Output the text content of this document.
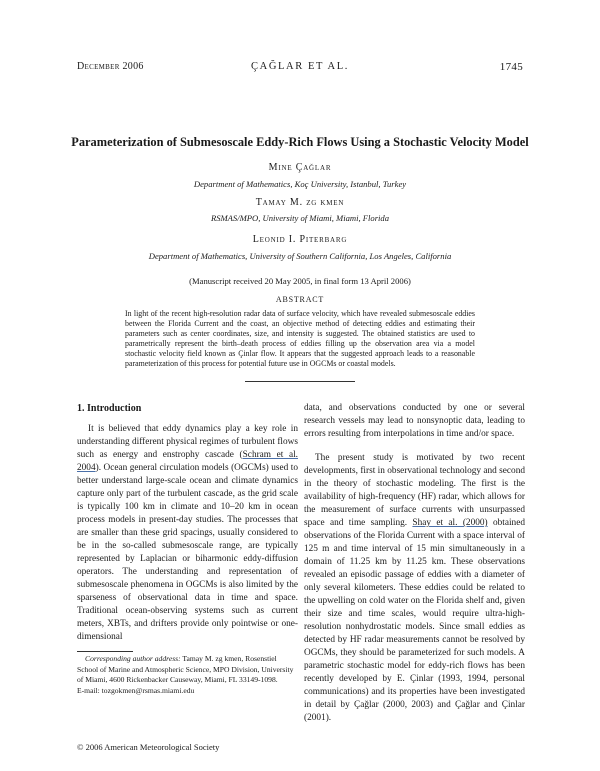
December 2006	ÇAĞLAR ET AL.	1745
Parameterization of Submesoscale Eddy-Rich Flows Using a Stochastic Velocity Model
Mine Çağlar
Department of Mathematics, Koç University, Istanbul, Turkey
Tamay M. zg kmen
RSMAS/MPO, University of Miami, Miami, Florida
Leonid I. Piterbarg
Department of Mathematics, University of Southern California, Los Angeles, California
(Manuscript received 20 May 2005, in final form 13 April 2006)
ABSTRACT
In light of the recent high-resolution radar data of surface velocity, which have revealed submesoscale eddies between the Florida Current and the coast, an objective method of detecting eddies and estimating their parameters such as center coordinates, size, and intensity is suggested. The obtained statistics are used to parametrically represent the birth–death process of eddies filling up the observation area via a model stochastic velocity field known as Çinlar flow. It appears that the suggested approach leads to a reasonable parameterization of this process for potential future use in OGCMs or coastal models.
1. Introduction

It is believed that eddy dynamics play a key role in understanding different physical regimes of turbulent flows such as energy and enstrophy cascade (Schram et al. 2004). Ocean general circulation models (OGCMs) used to better understand large-scale ocean and climate dynamics capture only part of the turbulent cascade, as the grid scale is typically 100 km in climate and 10–20 km in ocean process models in present-day studies. The processes that are smaller than these grid spacings, usually considered to be in the so-called submesoscale range, are typically represented by Laplacian or biharmonic eddy-diffusion operators. The understanding and representation of submesoscale phenomena in OGCMs is also limited by the sparseness of observational data in time and space. Traditional ocean-observing systems such as current meters, XBTs, and drifters provide only pointwise or one-dimensional

data, and observations conducted by one or several research vessels may lead to nonsynoptic data, leading to errors resulting from interpolations in time and/or space.

The present study is motivated by two recent developments, first in observational technology and second in the theory of stochastic modeling. The first is the availability of high-frequency (HF) radar, which allows for the measurement of surface currents with unsurpassed space and time sampling. Shay et al. (2000) obtained observations of the Florida Current with a space interval of 125 m and time interval of 15 min simultaneously in a domain of 11.25 km by 11.25 km. These observations revealed an episodic passage of eddies with a diameter of only several kilometers. These eddies could be related to the upwelling on cold water on the Florida shelf and, given their size and time scales, would require ultra-high-resolution nonhydrostatic models. Since small eddies as detected by HF radar measurements cannot be resolved by OGCMs, they should be parameterized for such models. A parametric stochastic model for eddy-rich flows has been recently developed by E. Çinlar (1993, 1994, personal communications) and its properties have been investigated in detail by Çağlar (2000, 2003) and Çağlar and Çinlar (2001).

Corresponding author address: Tamay M. zg kmen, Rosenstiel School of Marine and Atmospheric Science, MPO Division, University of Miami, 4600 Rickenbacker Causeway, Miami, FL 33149-1098.

E-mail: tozgokmen@rsmas.miami.edu

© 2006 American Meteorological Society
